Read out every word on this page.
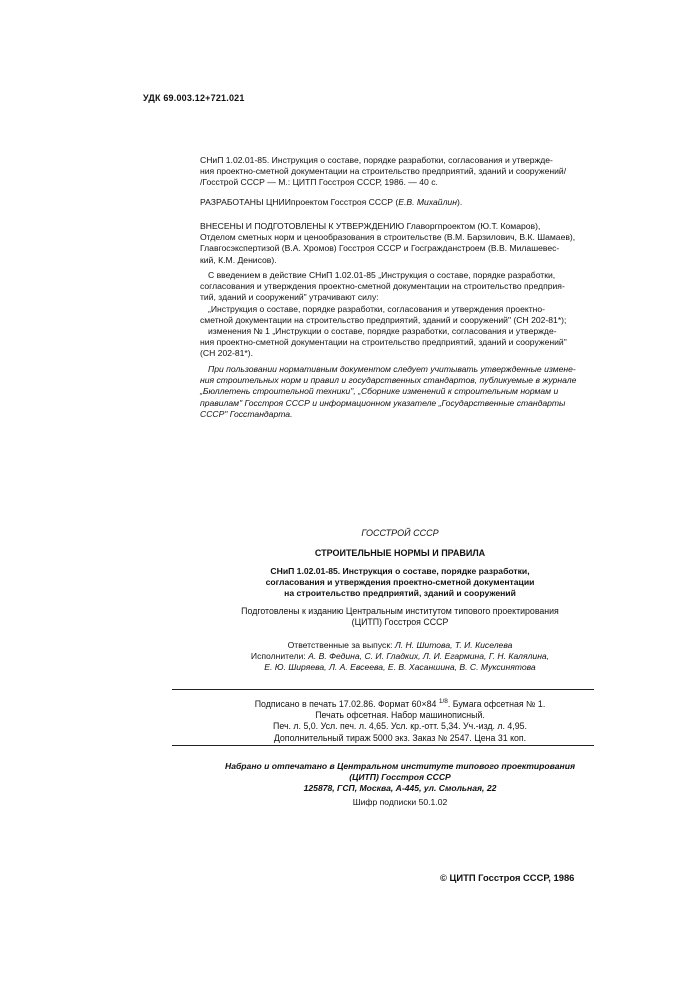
УДК 69.003.12+721.021
СНиП 1.02.01-85. Инструкция о составе, порядке разработки, согласования и утвержде-
ния проектно-сметной документации на строительство предприятий, зданий и сооружений/
/Госстрой СССР — М.: ЦИТП Госстроя СССР, 1986. — 40 с.
РАЗРАБОТАНЫ ЦНИИпроектом Госстроя СССР (Е.В. Михайлин).
ВНЕСЕНЫ И ПОДГОТОВЛЕНЫ К УТВЕРЖДЕНИЮ Главоргпроектом (Ю.Т. Комаров),
Отделом сметных норм и ценообразования в строительстве (В.М. Барзилович, В.К. Шамаев),
Главгосэкспертизой (В.А. Хромов) Госстроя СССР и Госгражданстроем (В.В. Милашевес-
кий, К.М. Денисов).
С введением в действие СНиП 1.02.01-85 „Инструкция о составе, порядке разработки,
согласования и утверждения проектно-сметной документации на строительство предприя-
тий, зданий и сооружений" утрачивают силу:
„Инструкция о составе, порядке разработки, согласования и утверждения проектно-
сметной документации на строительство предприятий, зданий и сооружений" (СН 202-81*);
изменения № 1 „Инструкции о составе, порядке разработки, согласования и утвержде-
ния проектно-сметной документации на строительство предприятий, зданий и сооружений"
(СН 202-81*).
При пользовании нормативным документом следует учитывать утвержденные измене-
ния строительных норм и правил и государственных стандартов, публикуемые в журнале
„Бюллетень строительной техники", „Сборнике изменений к строительным нормам и
правилам" Госстроя СССР и информационном указателе „Государственные стандарты
СССР" Госстандарта.
ГОССТРОЙ СССР
СТРОИТЕЛЬНЫЕ НОРМЫ И ПРАВИЛА
СНиП 1.02.01-85. Инструкция о составе, порядке разработки,
согласования и утверждения проектно-сметной документации
на строительство предприятий, зданий и сооружений
Подготовлены к изданию Центральным институтом типового проектирования
(ЦИТП) Госстроя СССР
Ответственные за выпуск: Л. Н. Шитова, Т. И. Киселева
Исполнители: А. В. Федина, С. И. Гладких, Л. И. Егармина, Г. Н. Калялина,
Е. Ю. Ширяева, Л. А. Евсеева, Е. В. Хасаншина, В. С. Муксинятова
Подписано в печать 17.02.86. Формат 60×84 $^{1/8}$. Бумага офсетная № 1.
Печать офсетная. Набор машинописный.
Печ. л. 5,0. Усл. печ. л. 4,65. Усл. кр.-отт. 5,34. Уч.-изд. л. 4,95.
Дополнительный тираж 5000 экз. Заказ № 2547. Цена 31 коп.
Набрано и отпечатано в Центральном институте типового проектирования
(ЦИТП) Госстроя СССР
125878, ГСП, Москва, А-445, ул. Смольная, 22
Шифр подписки 50.1.02
© ЦИТП Госстроя СССР, 1986
